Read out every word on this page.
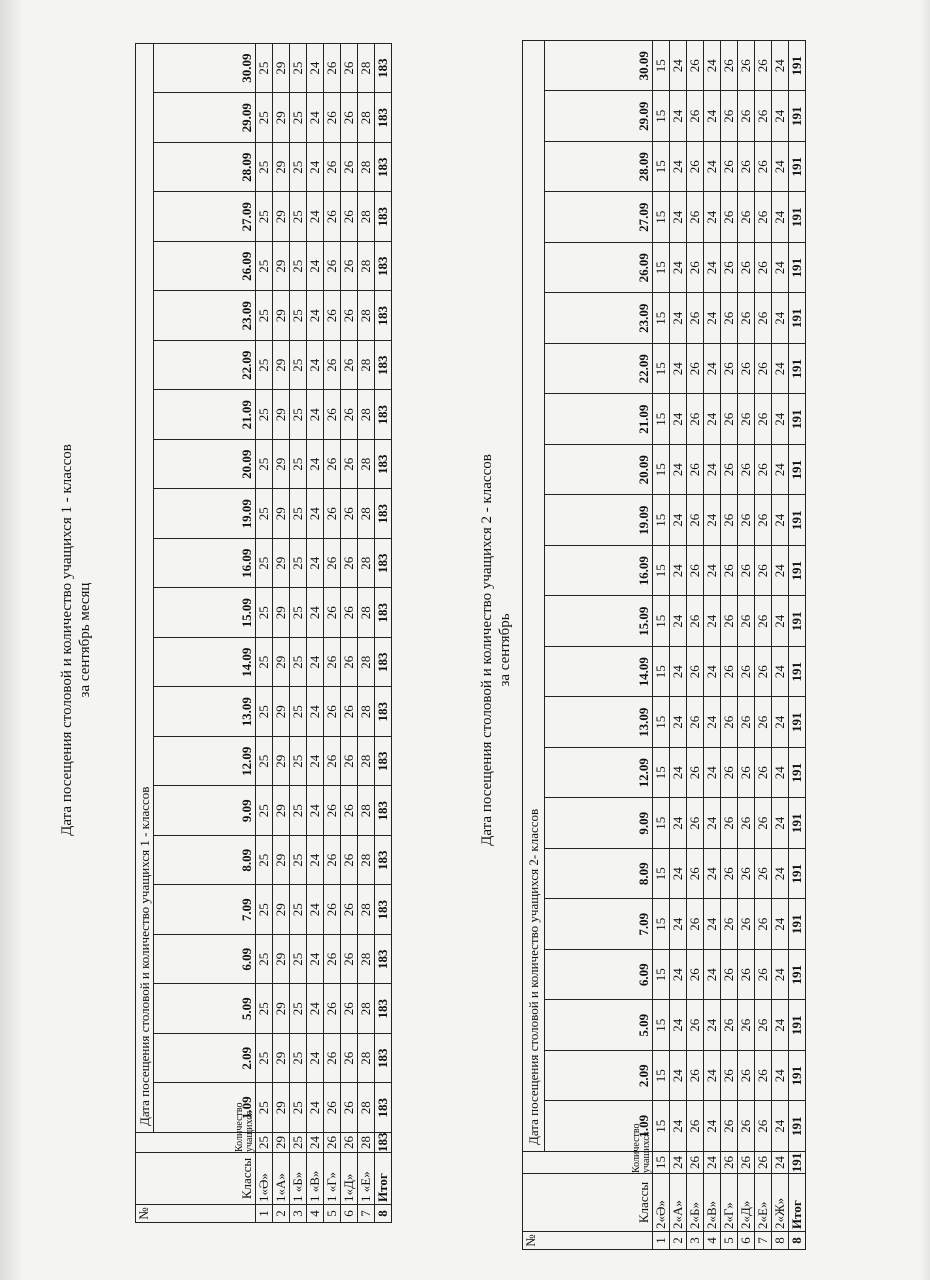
Дата посещения столовой и количество учащихся 1 - классов за сентябрь месяц
№	Классы	Количество учащихся	Дата посещения столовой и количество учащихся 1 - классов																					
			1.09	2.09	5.09	6.09	7.09	8.09	9.09	12.09	13.09	14.09	15.09	16.09	19.09	20.09	21.09	22.09	23.09	26.09	27.09	28.09	29.09	30.09
1	1«Ә»	25	25	25	25	25	25	25	25	25	25	25	25	25	25	25	25	25	25	25	25	25	25	25
2	1«А»	29	29	29	29	29	29	29	29	29	29	29	29	29	29	29	29	29	29	29	29	29	29	29
3	1 «Б»	25	25	25	25	25	25	25	25	25	25	25	25	25	25	25	25	25	25	25	25	25	25	25
4	1 «В»	24	24	24	24	24	24	24	24	24	24	24	24	24	24	24	24	24	24	24	24	24	24	24
5	1 «Г»	26	26	26	26	26	26	26	26	26	26	26	26	26	26	26	26	26	26	26	26	26	26	26
6	1«Д»	26	26	26	26	26	26	26	26	26	26	26	26	26	26	26	26	26	26	26	26	26	26	26
7	1 «Е»	28	28	28	28	28	28	28	28	28	28	28	28	28	28	28	28	28	28	28	28	28	28	28
8	Итог	183	183	183	183	183	183	183	183	183	183	183	183	183	183	183	183	183	183	183	183	183	183	183
Дата посещения столовой и количество учащихся 2 - классов за сентябрь
№	Классы	Количество учащихся	Дата посещения столовой и количество учащихся 2- классов																					
			1.09	2.09	5.09	6.09	7.09	8.09	9.09	12.09	13.09	14.09	15.09	16.09	19.09	20.09	21.09	22.09	23.09	26.09	27.09	28.09	29.09	30.09
1	2«Ә»	15	15	15	15	15	15	15	15	15	15	15	15	15	15	15	15	15	15	15	15	15	15	15
2	2«А»	24	24	24	24	24	24	24	24	24	24	24	24	24	24	24	24	24	24	24	24	24	24	24
3	2«Б»	26	26	26	26	26	26	26	26	26	26	26	26	26	26	26	26	26	26	26	26	26	26	26
4	2«В»	24	24	24	24	24	24	24	24	24	24	24	24	24	24	24	24	24	24	24	24	24	24	24
5	2«Г»	26	26	26	26	26	26	26	26	26	26	26	26	26	26	26	26	26	26	26	26	26	26	26
6	2«Д»	26	26	26	26	26	26	26	26	26	26	26	26	26	26	26	26	26	26	26	26	26	26	26
7	2«Е»	26	26	26	26	26	26	26	26	26	26	26	26	26	26	26	26	26	26	26	26	26	26	26
8	2«Ж»	24	24	24	24	24	24	24	24	24	24	24	24	24	24	24	24	24	24	24	24	24	24	24
8	Итог	191	191	191	191	191	191	191	191	191	191	191	191	191	191	191	191	191	191	191	191	191	191	191
